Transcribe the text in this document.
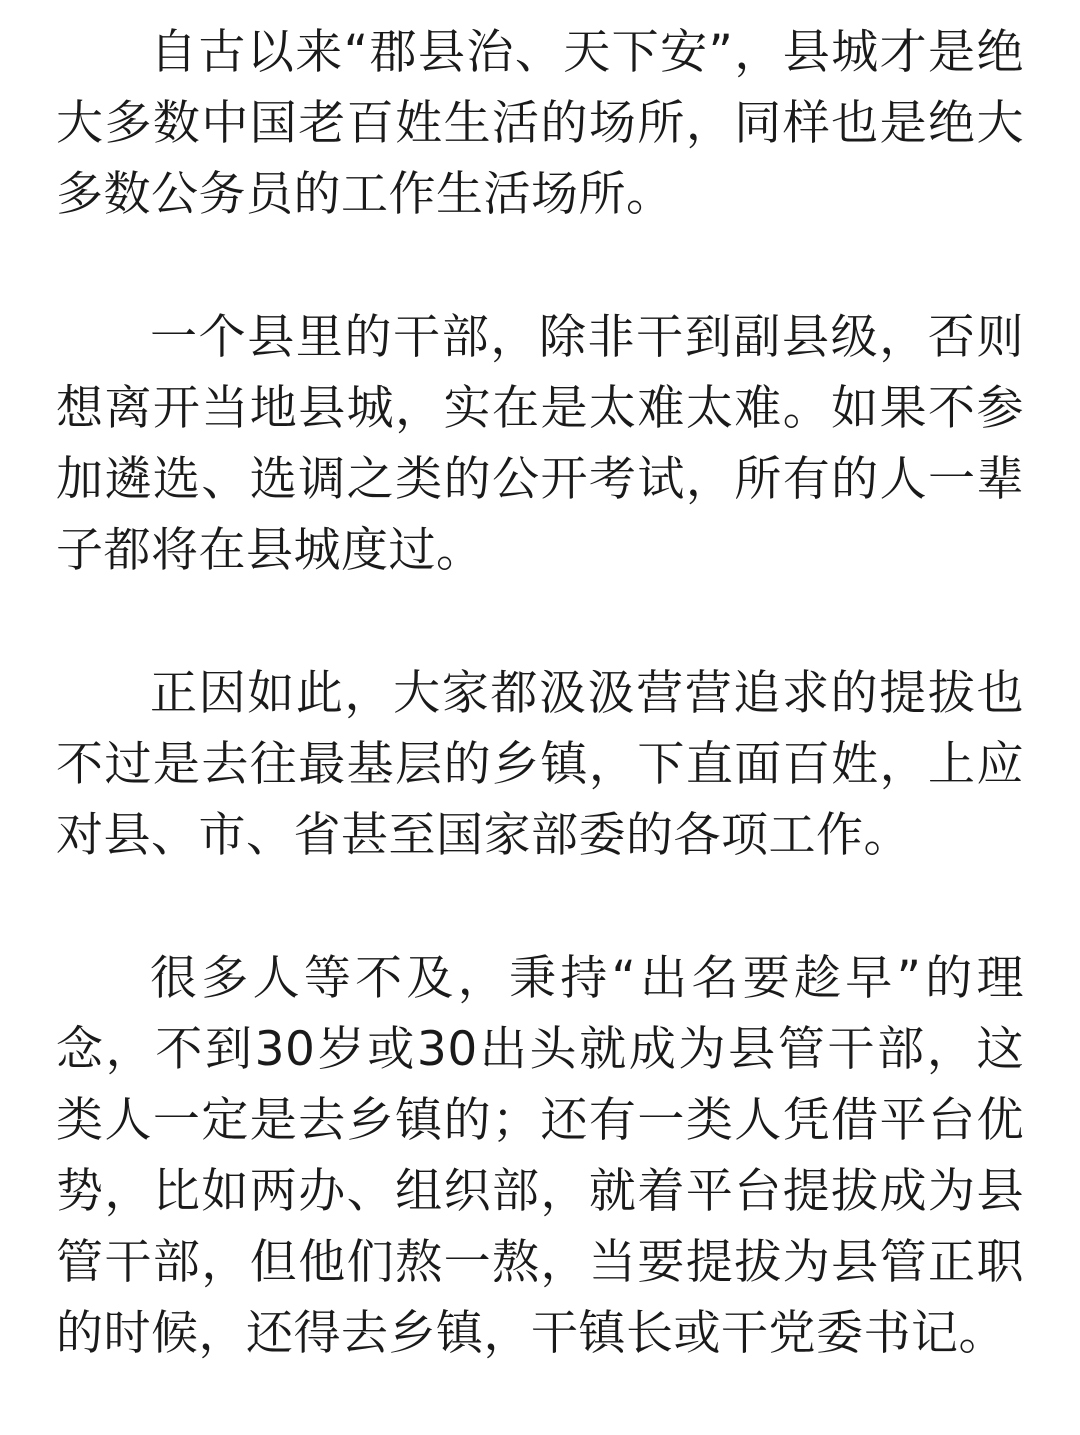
自古以来“郡县治、天下安”，县城才是绝大多数中国老百姓生活的场所，同样也是绝大多数公务员的工作生活场所。

一个县里的干部，除非干到副县级，否则想离开当地县城，实在是太难太难。如果不参加遴选、选调之类的公开考试，所有的人一辈子都将在县城度过。

正因如此，大家都汲汲营营追求的提拔也不过是去往最基层的乡镇，下直面百姓，上应对县、市、省甚至国家部委的各项工作。

很多人等不及，秉持“出名要趁早”的理念，不到30岁或30出头就成为县管干部，这类人一定是去乡镇的；还有一类人凭借平台优势，比如两办、组织部，就着平台提拔成为县管干部，但他们熬一熬，当要提拔为县管正职的时候，还得去乡镇，干镇长或干党委书记。
